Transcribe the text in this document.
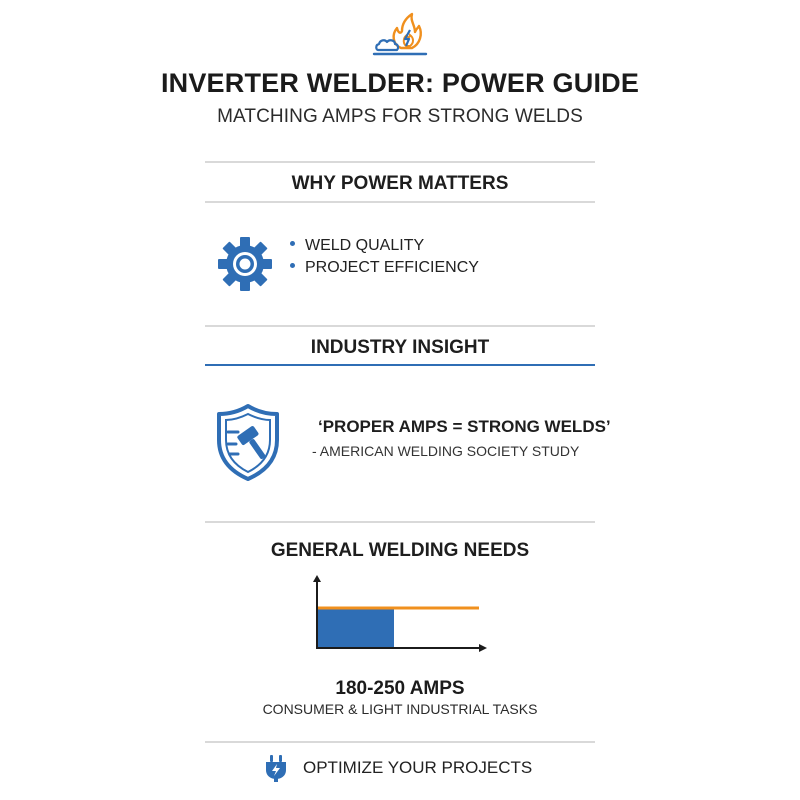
INVERTER WELDER: POWER GUIDE
MATCHING AMPS FOR STRONG WELDS
WHY POWER MATTERS
WELD QUALITY
PROJECT EFFICIENCY
INDUSTRY INSIGHT
‘PROPER AMPS = STRONG WELDS’
- AMERICAN WELDING SOCIETY STUDY
GENERAL WELDING NEEDS
180-250 AMPS
CONSUMER & LIGHT INDUSTRIAL TASKS
OPTIMIZE YOUR PROJECTS
